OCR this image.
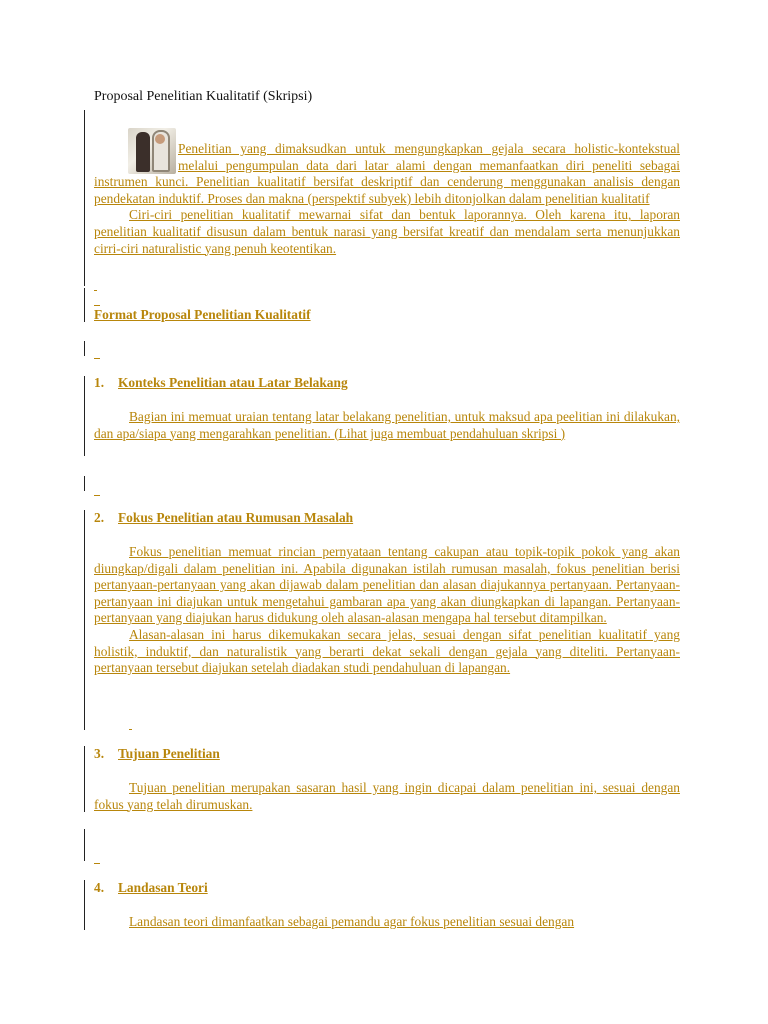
Proposal Penelitian Kualitatif (Skripsi)
Penelitian yang dimaksudkan untuk mengungkapkan gejala secara holistic-kontekstual melalui pengumpulan data dari latar alami dengan memanfaatkan diri peneliti sebagai instrumen kunci. Penelitian kualitatif bersifat deskriptif dan cenderung menggunakan analisis dengan pendekatan induktif. Proses dan makna (perspektif subyek) lebih ditonjolkan dalam penelitian kualitatif
Ciri-ciri penelitian kualitatif mewarnai sifat dan bentuk laporannya. Oleh karena itu, laporan penelitian kualitatif disusun dalam bentuk narasi yang bersifat kreatif dan mendalam serta menunjukkan cirri-ciri naturalistic yang penuh keotentikan.

Format Proposal Penelitian Kualitatif

1. Konteks Penelitian atau Latar Belakang
Bagian ini memuat uraian tentang latar belakang penelitian, untuk maksud apa peelitian ini dilakukan, dan apa/siapa yang mengarahkan penelitian. (Lihat juga membuat pendahuluan skripsi )

2. Fokus Penelitian atau Rumusan Masalah
Fokus penelitian memuat rincian pernyataan tentang cakupan atau topik-topik pokok yang akan diungkap/digali dalam penelitian ini. Apabila digunakan istilah rumusan masalah, fokus penelitian berisi pertanyaan-pertanyaan yang akan dijawab dalam penelitian dan alasan diajukannya pertanyaan. Pertanyaan-pertanyaan ini diajukan untuk mengetahui gambaran apa yang akan diungkapkan di lapangan. Pertanyaan-pertanyaan yang diajukan harus didukung oleh alasan-alasan mengapa hal tersebut ditampilkan.
Alasan-alasan ini harus dikemukakan secara jelas, sesuai dengan sifat penelitian kualitatif yang holistik, induktif, dan naturalistik yang berarti dekat sekali dengan gejala yang diteliti. Pertanyaan-pertanyaan tersebut diajukan setelah diadakan studi pendahuluan di lapangan.

3. Tujuan Penelitian
Tujuan penelitian merupakan sasaran hasil yang ingin dicapai dalam penelitian ini, sesuai dengan fokus yang telah dirumuskan.

4. Landasan Teori
Landasan teori dimanfaatkan sebagai pemandu agar fokus penelitian sesuai dengan
